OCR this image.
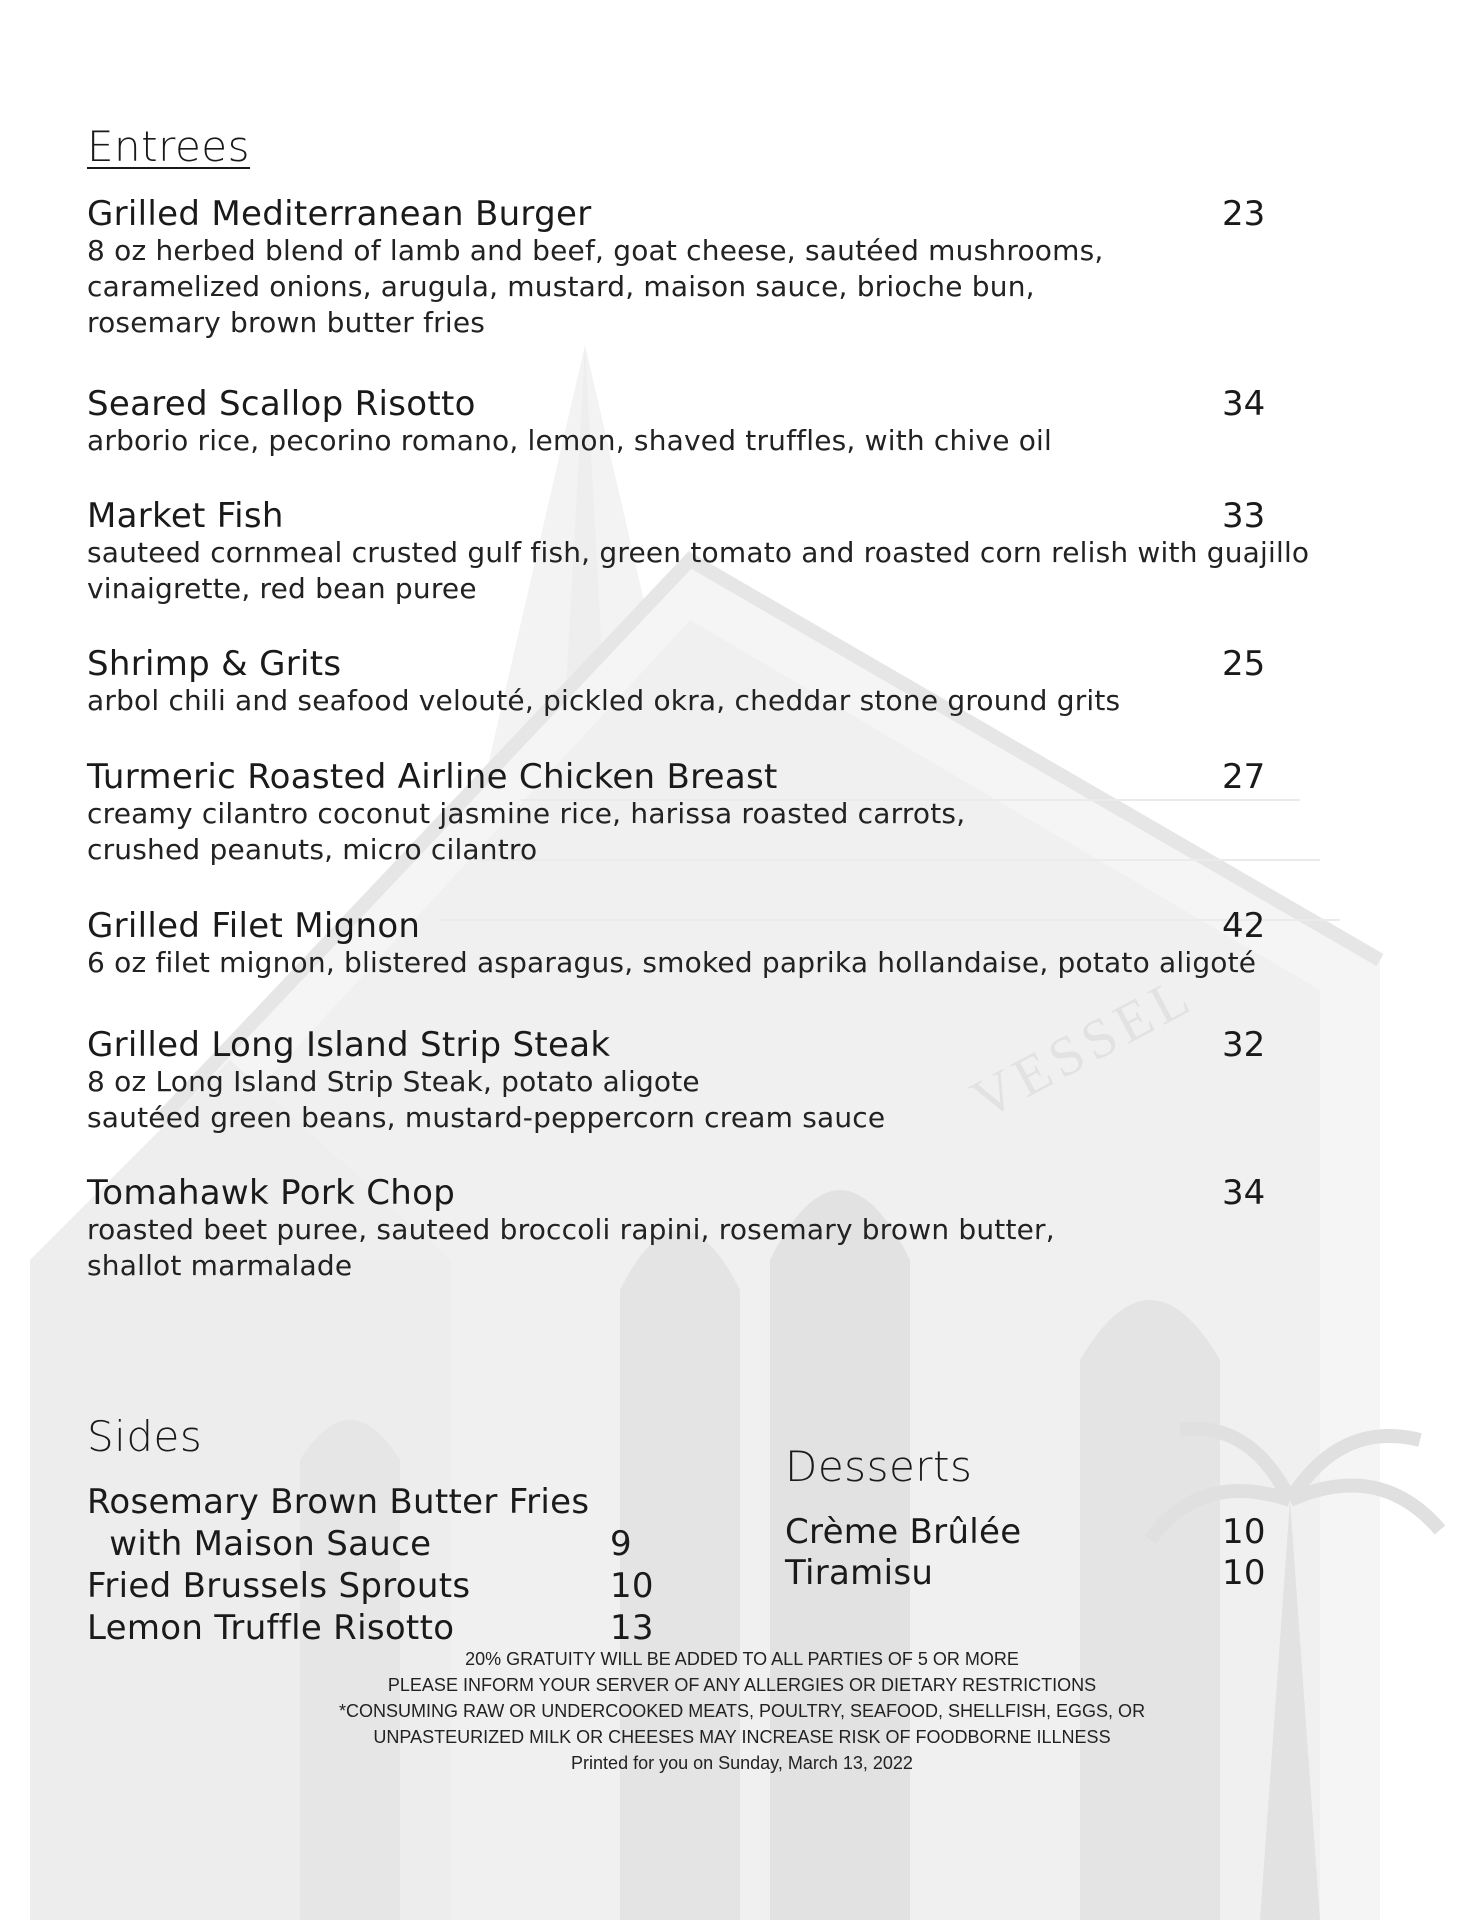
VESSEL
Entrees
Grilled Mediterranean Burger	23
8 oz herbed blend of lamb and beef, goat cheese, sautéed mushrooms,
caramelized onions, arugula, mustard, maison sauce, brioche bun,
rosemary brown butter fries
Seared Scallop Risotto	34
arborio rice, pecorino romano, lemon, shaved truffles, with chive oil
Market Fish	33
sauteed cornmeal crusted gulf fish, green tomato and roasted corn relish with guajillo
vinaigrette, red bean puree
Shrimp & Grits	25
arbol chili and seafood velouté, pickled okra, cheddar stone ground grits
Turmeric Roasted Airline Chicken Breast	27
creamy cilantro coconut jasmine rice, harissa roasted carrots,
crushed peanuts, micro cilantro
Grilled Filet Mignon	42
6 oz filet mignon, blistered asparagus, smoked paprika hollandaise, potato aligoté
Grilled Long Island Strip Steak	32
8 oz Long Island Strip Steak, potato aligote
sautéed green beans, mustard-peppercorn cream sauce
Tomahawk Pork Chop	34
roasted beet puree, sauteed broccoli rapini, rosemary brown butter,
shallot marmalade
Sides
Rosemary Brown Butter Fries
with Maison Sauce	9
Fried Brussels Sprouts	10
Lemon Truffle Risotto	13
Desserts
Crème Brûlée	10
Tiramisu	10
20% GRATUITY WILL BE ADDED TO ALL PARTIES OF 5 OR MORE
PLEASE INFORM YOUR SERVER OF ANY ALLERGIES OR DIETARY RESTRICTIONS
*CONSUMING RAW OR UNDERCOOKED MEATS, POULTRY, SEAFOOD, SHELLFISH, EGGS, OR
UNPASTEURIZED MILK OR CHEESES MAY INCREASE RISK OF FOODBORNE ILLNESS
Printed for you on Sunday, March 13, 2022
